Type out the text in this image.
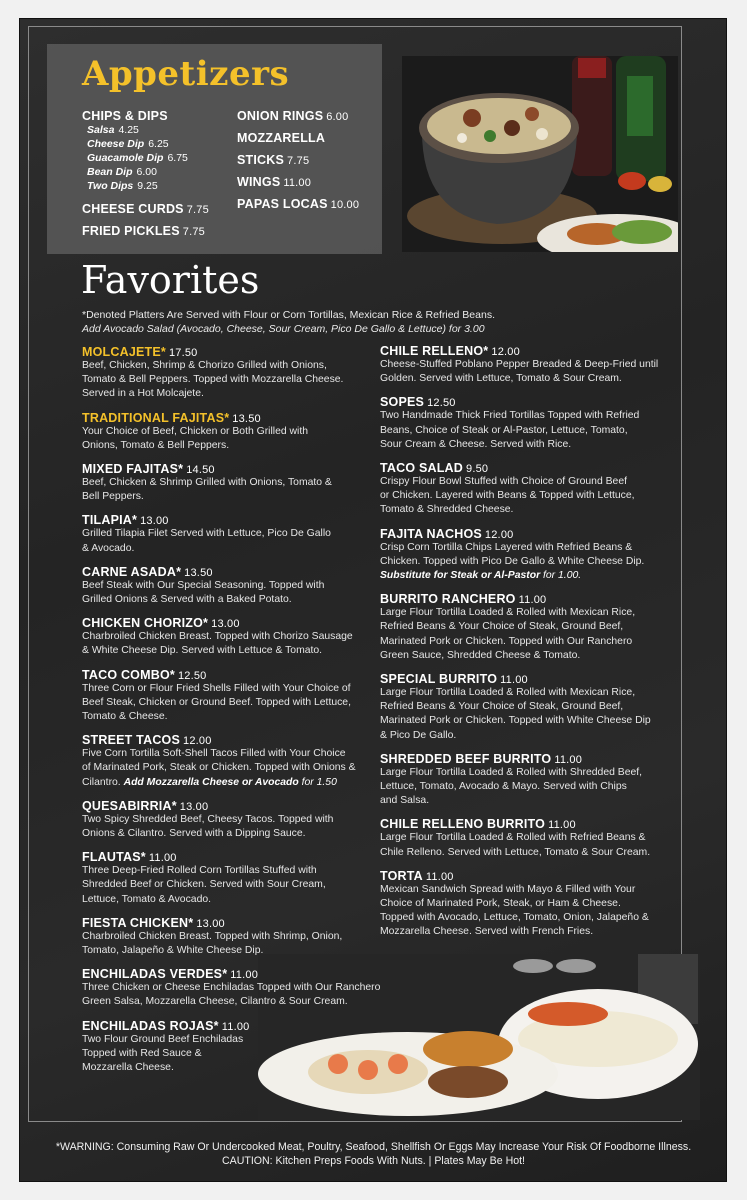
Appetizers
CHIPS & DIPS
Salsa 4.25
Cheese Dip 6.25
Guacamole Dip 6.75
Bean Dip 6.00
Two Dips 9.25
CHEESE CURDS 7.75
FRIED PICKLES 7.75
ONION RINGS 6.00
MOZZARELLA
STICKS 7.75
WINGS 11.00
PAPAS LOCAS 10.00
Favorites
*Denoted Platters Are Served with Flour or Corn Tortillas, Mexican Rice & Refried Beans.
Add Avocado Salad (Avocado, Cheese, Sour Cream, Pico De Gallo & Lettuce) for 3.00
MOLCAJETE* 17.50
Beef, Chicken, Shrimp & Chorizo Grilled with Onions,
Tomato & Bell Peppers. Topped with Mozzarella Cheese.
Served in a Hot Molcajete.
TRADITIONAL FAJITAS* 13.50
Your Choice of Beef, Chicken or Both Grilled with
Onions, Tomato & Bell Peppers.
MIXED FAJITAS* 14.50
Beef, Chicken & Shrimp Grilled with Onions, Tomato &
Bell Peppers.
TILAPIA* 13.00
Grilled Tilapia Filet Served with Lettuce, Pico De Gallo
& Avocado.
CARNE ASADA* 13.50
Beef Steak with Our Special Seasoning. Topped with
Grilled Onions & Served with a Baked Potato.
CHICKEN CHORIZO* 13.00
Charbroiled Chicken Breast. Topped with Chorizo Sausage
& White Cheese Dip. Served with Lettuce & Tomato.
TACO COMBO* 12.50
Three Corn or Flour Fried Shells Filled with Your Choice of
Beef Steak, Chicken or Ground Beef. Topped with Lettuce,
Tomato & Cheese.
STREET TACOS 12.00
Five Corn Tortilla Soft-Shell Tacos Filled with Your Choice
of Marinated Pork, Steak or Chicken. Topped with Onions &
Cilantro. Add Mozzarella Cheese or Avocado for 1.50
QUESABIRRIA* 13.00
Two Spicy Shredded Beef, Cheesy Tacos. Topped with
Onions & Cilantro. Served with a Dipping Sauce.
FLAUTAS* 11.00
Three Deep-Fried Rolled Corn Tortillas Stuffed with
Shredded Beef or Chicken. Served with Sour Cream,
Lettuce, Tomato & Avocado.
FIESTA CHICKEN* 13.00
Charbroiled Chicken Breast. Topped with Shrimp, Onion,
Tomato, Jalapeño & White Cheese Dip.
ENCHILADAS VERDES* 11.00
Three Chicken or Cheese Enchiladas Topped with Our Ranchero
Green Salsa, Mozzarella Cheese, Cilantro & Sour Cream.
ENCHILADAS ROJAS* 11.00
Two Flour Ground Beef Enchiladas
Topped with Red Sauce &
Mozzarella Cheese.
CHILE RELLENO* 12.00
Cheese-Stuffed Poblano Pepper Breaded & Deep-Fried until
Golden. Served with Lettuce, Tomato & Sour Cream.
SOPES 12.50
Two Handmade Thick Fried Tortillas Topped with Refried
Beans, Choice of Steak or Al-Pastor, Lettuce, Tomato,
Sour Cream & Cheese. Served with Rice.
TACO SALAD 9.50
Crispy Flour Bowl Stuffed with Choice of Ground Beef
or Chicken. Layered with Beans & Topped with Lettuce,
Tomato & Shredded Cheese.
FAJITA NACHOS 12.00
Crisp Corn Tortilla Chips Layered with Refried Beans &
Chicken. Topped with Pico De Gallo & White Cheese Dip.
Substitute for Steak or Al-Pastor for 1.00.
BURRITO RANCHERO 11.00
Large Flour Tortilla Loaded & Rolled with Mexican Rice,
Refried Beans & Your Choice of Steak, Ground Beef,
Marinated Pork or Chicken. Topped with Our Ranchero
Green Sauce, Shredded Cheese & Tomato.
SPECIAL BURRITO 11.00
Large Flour Tortilla Loaded & Rolled with Mexican Rice,
Refried Beans & Your Choice of Steak, Ground Beef,
Marinated Pork or Chicken. Topped with White Cheese Dip
& Pico De Gallo.
SHREDDED BEEF BURRITO 11.00
Large Flour Tortilla Loaded & Rolled with Shredded Beef,
Lettuce, Tomato, Avocado & Mayo. Served with Chips
and Salsa.
CHILE RELLENO BURRITO 11.00
Large Flour Tortilla Loaded & Rolled with Refried Beans &
Chile Relleno. Served with Lettuce, Tomato & Sour Cream.
TORTA 11.00
Mexican Sandwich Spread with Mayo & Filled with Your
Choice of Marinated Pork, Steak, or Ham & Cheese.
Topped with Avocado, Lettuce, Tomato, Onion, Jalapeño &
Mozzarella Cheese. Served with French Fries.
*WARNING: Consuming Raw Or Undercooked Meat, Poultry, Seafood, Shellfish Or Eggs May Increase Your Risk Of Foodborne Illness.
CAUTION: Kitchen Preps Foods With Nuts. | Plates May Be Hot!
